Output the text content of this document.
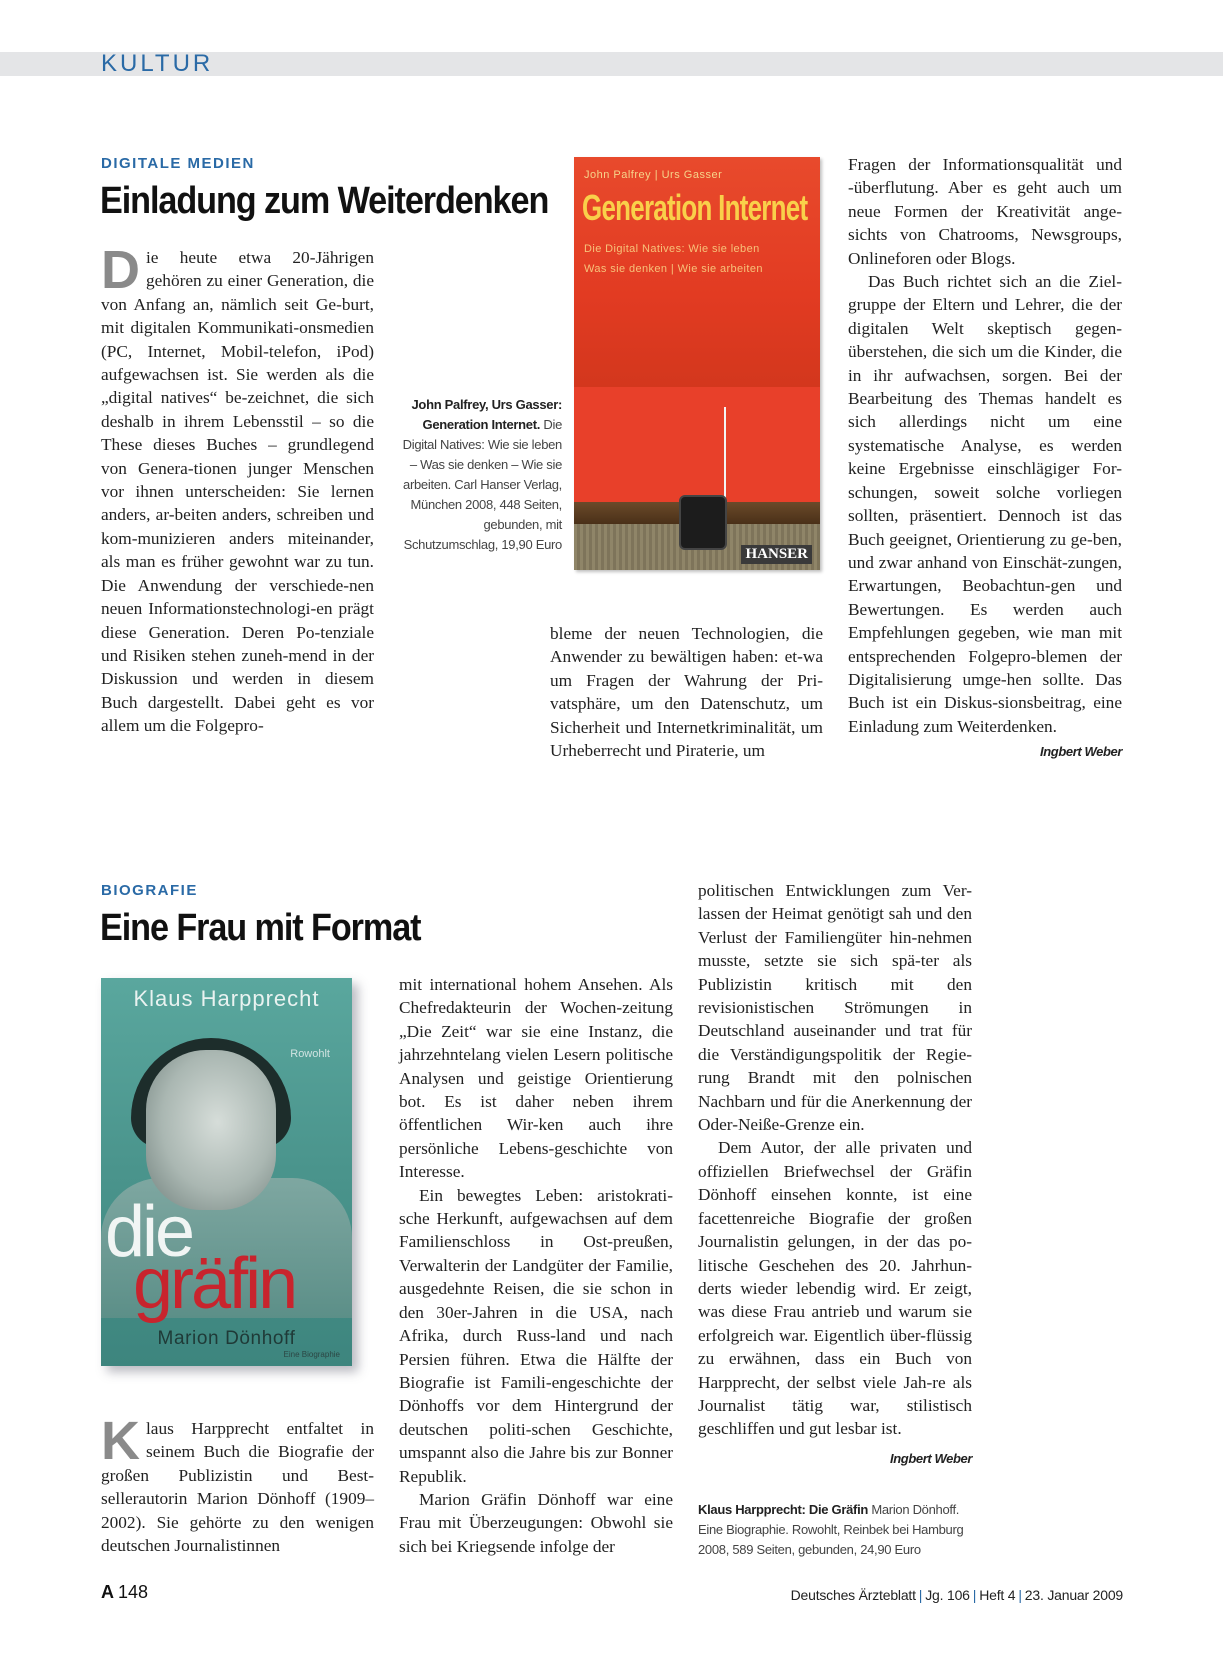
KULTUR
DIGITALE MEDIEN
Einladung zum Weiterdenken

Die heute etwa 20-Jährigen gehören zu einer Generation, die von Anfang an, nämlich seit Ge-burt, mit digitalen Kommunikati-onsmedien (PC, Internet, Mobil-telefon, iPod) aufgewachsen ist. Sie werden als die „digital natives“ be-zeichnet, die sich deshalb in ihrem Lebensstil – so die These dieses Buches – grundlegend von Genera-tionen junger Menschen vor ihnen unterscheiden: Sie lernen anders, ar-beiten anders, schreiben und kom-munizieren anders miteinander, als man es früher gewohnt war zu tun. Die Anwendung der verschiede-nen neuen Informationstechnologi-en prägt diese Generation. Deren Po-tenziale und Risiken stehen zuneh-mend in der Diskussion und werden in diesem Buch dargestellt. Dabei geht es vor allem um die Folgepro-

John Palfrey, Urs Gasser: Generation Internet. Die Digital Natives: Wie sie leben – Was sie denken – Wie sie arbeiten. Carl Hanser Verlag, München 2008, 448 Seiten, gebunden, mit Schutzumschlag, 19,90 Euro
John Palfrey | Urs Gasser
Generation Internet
Die Digital Natives: Wie sie leben
Was sie denken | Wie sie arbeiten
HANSER

bleme der neuen Technologien, die Anwender zu bewältigen haben: et-wa um Fragen der Wahrung der Pri-vatsphäre, um den Datenschutz, um Sicherheit und Internetkriminalität, um Urheberrecht und Piraterie, um

Fragen der Informationsqualität und -überflutung. Aber es geht auch um neue Formen der Kreativität ange-sichts von Chatrooms, Newsgroups, Onlineforen oder Blogs.

Das Buch richtet sich an die Ziel-gruppe der Eltern und Lehrer, die der digitalen Welt skeptisch gegen-überstehen, die sich um die Kinder, die in ihr aufwachsen, sorgen. Bei der Bearbeitung des Themas handelt es sich allerdings nicht um eine systematische Analyse, es werden keine Ergebnisse einschlägiger For-schungen, soweit solche vorliegen sollten, präsentiert. Dennoch ist das Buch geeignet, Orientierung zu ge-ben, und zwar anhand von Einschät-zungen, Erwartungen, Beobachtun-gen und Bewertungen. Es werden auch Empfehlungen gegeben, wie man mit entsprechenden Folgepro-blemen der Digitalisierung umge-hen sollte. Das Buch ist ein Diskus-sionsbeitrag, eine Einladung zum Weiterdenken.
Ingbert Weber

BIOGRAFIE
Eine Frau mit Format
Klaus Harpprecht
Rowohlt
die
gräfin
Marion Dönhoff
Eine Biographie

Klaus Harpprecht entfaltet in seinem Buch die Biografie der großen Publizistin und Best-sellerautorin Marion Dönhoff (1909–2002). Sie gehörte zu den wenigen deutschen Journalistinnen

mit international hohem Ansehen. Als Chefredakteurin der Wochen-zeitung „Die Zeit“ war sie eine Instanz, die jahrzehntelang vielen Lesern politische Analysen und geistige Orientierung bot. Es ist daher neben ihrem öffentlichen Wir-ken auch ihre persönliche Lebens-geschichte von Interesse.

Ein bewegtes Leben: aristokrati-sche Herkunft, aufgewachsen auf dem Familienschloss in Ost-preußen, Verwalterin der Landgüter der Familie, ausgedehnte Reisen, die sie schon in den 30er-Jahren in die USA, nach Afrika, durch Russ-land und nach Persien führen. Etwa die Hälfte der Biografie ist Famili-engeschichte der Dönhoffs vor dem Hintergrund der deutschen politi-schen Geschichte, umspannt also die Jahre bis zur Bonner Republik.

Marion Gräfin Dönhoff war eine Frau mit Überzeugungen: Obwohl sie sich bei Kriegsende infolge der

politischen Entwicklungen zum Ver-lassen der Heimat genötigt sah und den Verlust der Familiengüter hin-nehmen musste, setzte sie sich spä-ter als Publizistin kritisch mit den revisionistischen Strömungen in Deutschland auseinander und trat für die Verständigungspolitik der Regie-rung Brandt mit den polnischen Nachbarn und für die Anerkennung der Oder-Neiße-Grenze ein.

Dem Autor, der alle privaten und offiziellen Briefwechsel der Gräfin Dönhoff einsehen konnte, ist eine facettenreiche Biografie der großen Journalistin gelungen, in der das po-litische Geschehen des 20. Jahrhun-derts wieder lebendig wird. Er zeigt, was diese Frau antrieb und warum sie erfolgreich war. Eigentlich über-flüssig zu erwähnen, dass ein Buch von Harpprecht, der selbst viele Jah-re als Journalist tätig war, stilistisch geschliffen und gut lesbar ist.

Ingbert Weber
Klaus Harpprecht: Die Gräfin Marion Dönhoff. Eine Biographie. Rowohlt, Reinbek bei Hamburg 2008, 589 Seiten, gebunden, 24,90 Euro
A 148	Deutsches Ärzteblatt | Jg. 106 | Heft 4 | 23. Januar 2009
